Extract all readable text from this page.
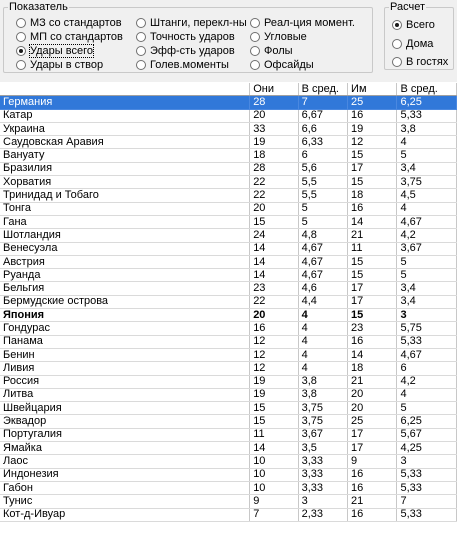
Показатель	Расчет
МЗ со стандартов
МП со стандартов
Удары всего
Удары в створ
Штанги, перекл-ны
Точность ударов
Эфф-сть ударов
Голев.моменты
Реал-ция момент.
Угловые
Фолы
Офсайды
Всего
Дома
В гостях
	Они	В сред.	Им	В сред.
Германия	28	7	25	6,25
Катар	20	6,67	16	5,33
Украина	33	6,6	19	3,8
Саудовская Аравия	19	6,33	12	4
Вануату	18	6	15	5
Бразилия	28	5,6	17	3,4
Хорватия	22	5,5	15	3,75
Тринидад и Тобаго	22	5,5	18	4,5
Тонга	20	5	16	4
Гана	15	5	14	4,67
Шотландия	24	4,8	21	4,2
Венесуэла	14	4,67	11	3,67
Австрия	14	4,67	15	5
Руанда	14	4,67	15	5
Бельгия	23	4,6	17	3,4
Бермудские острова	22	4,4	17	3,4
Япония	20	4	15	3
Гондурас	16	4	23	5,75
Панама	12	4	16	5,33
Бенин	12	4	14	4,67
Ливия	12	4	18	6
Россия	19	3,8	21	4,2
Литва	19	3,8	20	4
Швейцария	15	3,75	20	5
Эквадор	15	3,75	25	6,25
Португалия	11	3,67	17	5,67
Ямайка	14	3,5	17	4,25
Лаос	10	3,33	9	3
Индонезия	10	3,33	16	5,33
Габон	10	3,33	16	5,33
Тунис	9	3	21	7
Кот-д-Ивуар	7	2,33	16	5,33
